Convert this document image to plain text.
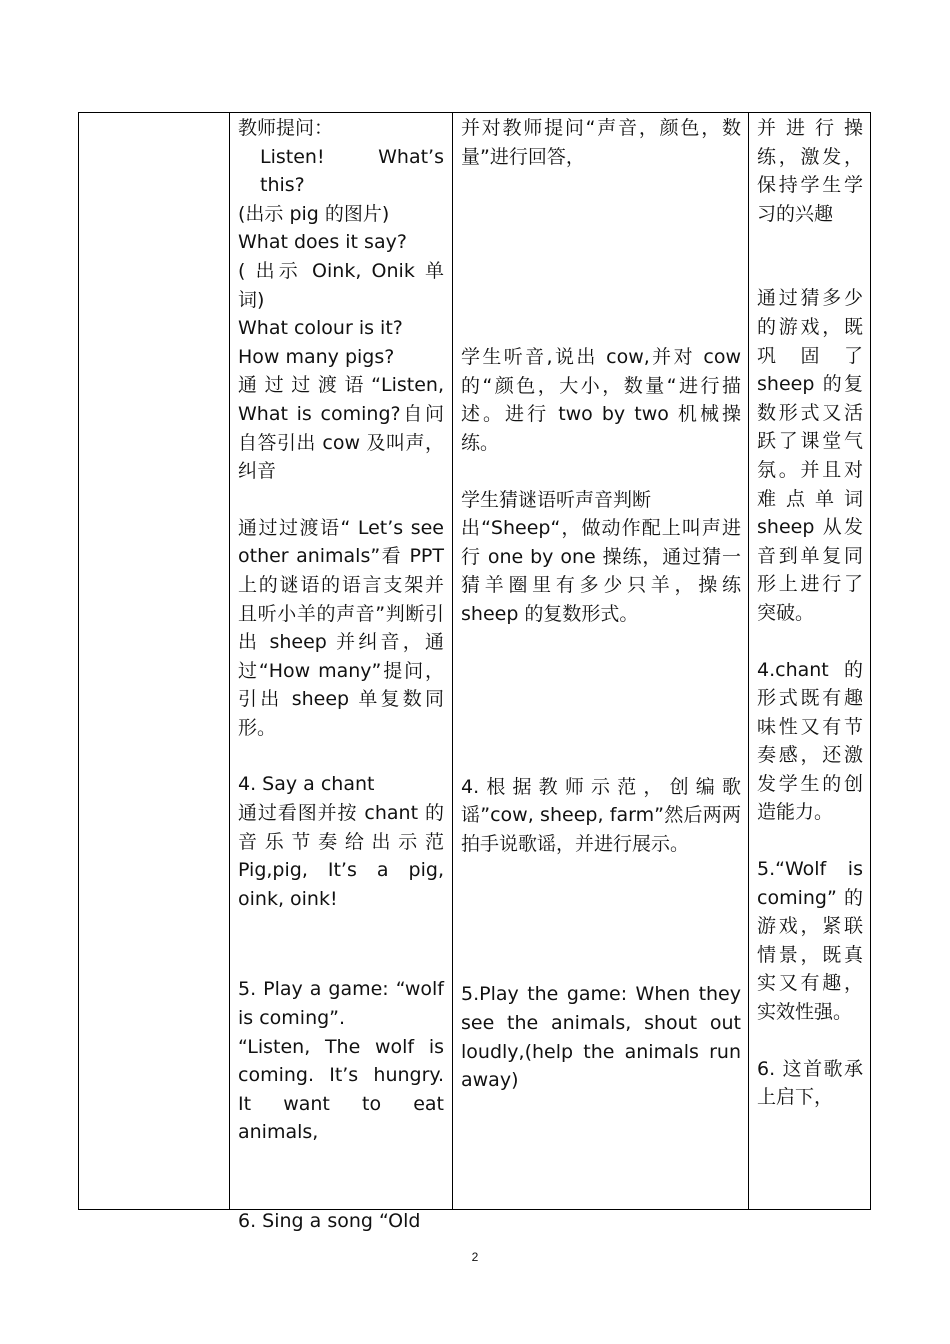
教师提问：

Listen! What’s this?

(出示 pig 的图片)

What does it say?

( 出示 Oink, Onik 单词)

What colour is it?

How many pigs?

通过过渡语“Listen, What is coming?自问自答引出 cow 及叫声，纠音

通过过渡语“ Let’s see other animals”看 PPT 上的谜语的语言支架并且听小羊的声音”判断引出 sheep 并纠音，通过“How many”提问，引出 sheep 单复数同形。

4. Say a chant

通过看图并按 chant 的音乐节奏给出示范 Pig,pig, It’s a pig, oink, oink!

5. Play a game: “wolf is coming”.

“Listen, The wolf is coming. It’s hungry. It want to eat animals,

6. Sing a song “Old

并对教师提问“声音，颜色，数量”进行回答，

学生听音,说出 cow,并对 cow 的“颜色，大小，数量“进行描述。进行 two by two 机械操练。

学生猜谜语听声音判断

出“Sheep“，做动作配上叫声进行 one by one 操练，通过猜一猜羊圈里有多少只羊，操练sheep 的复数形式。

4.根据教师示范，创编歌谣”cow, sheep, farm”然后两两拍手说歌谣，并进行展示。

5.Play the game: When they see the animals, shout out loudly,(help the animals run away)

并进行操练，激发，保持学生学习的兴趣

通过猜多少的游戏，既巩固了 sheep 的复数形式又活跃了课堂气氛。并且对难点单词 sheep 从发音到单复同形上进行了突破。

4.chant 的形式既有趣味性又有节奏感，还激发学生的创造能力。

5.“Wolf is coming” 的游戏，紧联情景，既真实又有趣，实效性强。

6. 这首歌承上启下，

2
